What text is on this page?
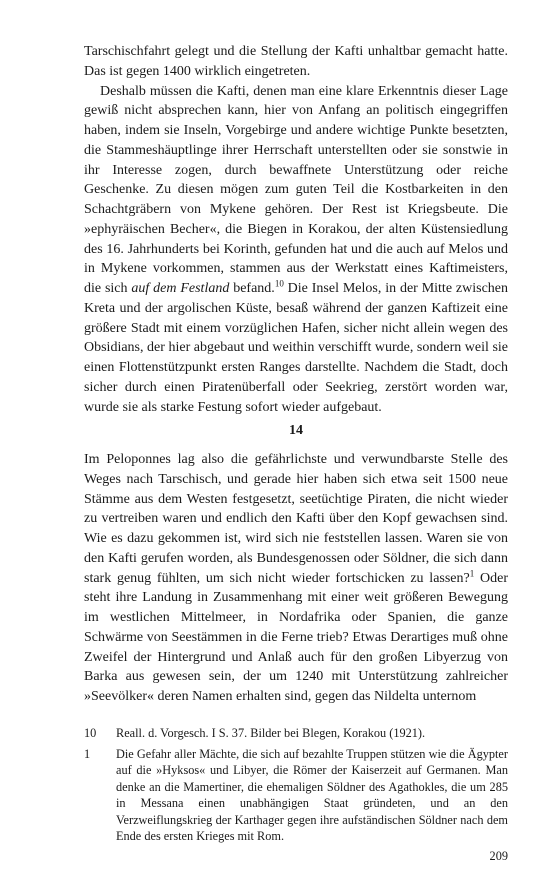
Tarschischfahrt gelegt und die Stellung der Kafti unhaltbar gemacht hatte. Das ist gegen 1400 wirklich eingetreten.

Deshalb müssen die Kafti, denen man eine klare Erkenntnis dieser Lage gewiß nicht absprechen kann, hier von Anfang an politisch eingegriffen haben, indem sie Inseln, Vorgebirge und andere wichtige Punkte besetzten, die Stammeshäuptlinge ihrer Herrschaft unterstellten oder sie sonstwie in ihr Interesse zogen, durch bewaffnete Unterstützung oder reiche Geschenke. Zu diesen mögen zum guten Teil die Kostbarkeiten in den Schachtgräbern von Mykene gehören. Der Rest ist Kriegsbeute. Die »ephyräischen Becher«, die Biegen in Korakou, der alten Küstensiedlung des 16. Jahrhunderts bei Korinth, gefunden hat und die auch auf Melos und in Mykene vorkommen, stammen aus der Werkstatt eines Kaftimeisters, die sich auf dem Festland befand.$^{10}$ Die Insel Melos, in der Mitte zwischen Kreta und der argolischen Küste, besaß während der ganzen Kaftizeit eine größere Stadt mit einem vorzüglichen Hafen, sicher nicht allein wegen des Obsidians, der hier abgebaut und weithin verschifft wurde, sondern weil sie einen Flottenstützpunkt ersten Ranges darstellte. Nachdem die Stadt, doch sicher durch einen Piratenüberfall oder Seekrieg, zerstört worden war, wurde sie als starke Festung sofort wieder aufgebaut.

14

Im Peloponnes lag also die gefährlichste und verwundbarste Stelle des Weges nach Tarschisch, und gerade hier haben sich etwa seit 1500 neue Stämme aus dem Westen festgesetzt, seetüchtige Piraten, die nicht wieder zu vertreiben waren und endlich den Kafti über den Kopf gewachsen sind. Wie es dazu gekommen ist, wird sich nie feststellen lassen. Waren sie von den Kafti gerufen worden, als Bundesgenossen oder Söldner, die sich dann stark genug fühlten, um sich nicht wieder fortschicken zu lassen?$^1$ Oder steht ihre Landung in Zusammenhang mit einer weit größeren Bewegung im westlichen Mittelmeer, in Nordafrika oder Spanien, die ganze Schwärme von Seestämmen in die Ferne trieb? Etwas Derartiges muß ohne Zweifel der Hintergrund und Anlaß auch für den großen Libyerzug von Barka aus gewesen sein, der um 1240 mit Unterstützung zahlreicher »Seevölker« deren Namen erhalten sind, gegen das Nildelta unternom

10 Reall. d. Vorgesch. I S. 37. Bilder bei Blegen, Korakou (1921).
1 Die Gefahr aller Mächte, die sich auf bezahlte Truppen stützen wie die Ägypter auf die »Hyksos« und Libyer, die Römer der Kaiserzeit auf Germanen. Man denke an die Mamertiner, die ehemaligen Söldner des Agathokles, die um 285 in Messana einen unabhängigen Staat gründeten, und an den Verzweiflungskrieg der Karthager gegen ihre aufständischen Söldner nach dem Ende des ersten Krieges mit Rom.
209
